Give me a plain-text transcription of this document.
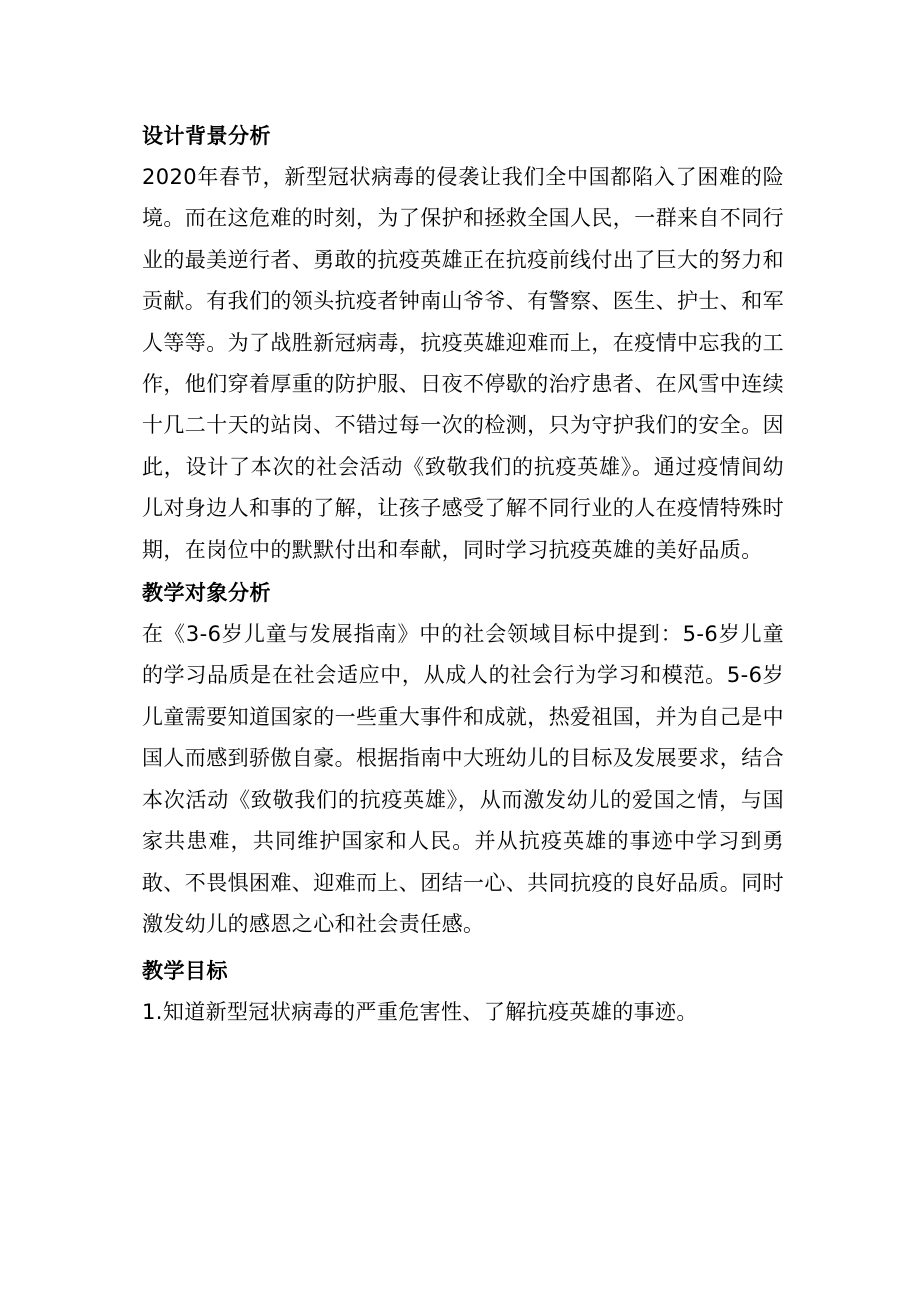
设计背景分析

2020年春节，新型冠状病毒的侵袭让我们全中国都陷入了困难的险境。而在这危难的时刻，为了保护和拯救全国人民，一群来自不同行业的最美逆行者、勇敢的抗疫英雄正在抗疫前线付出了巨大的努力和贡献。有我们的领头抗疫者钟南山爷爷、有警察、医生、护士、和军人等等。为了战胜新冠病毒，抗疫英雄迎难而上，在疫情中忘我的工作，他们穿着厚重的防护服、日夜不停歇的治疗患者、在风雪中连续十几二十天的站岗、不错过每一次的检测，只为守护我们的安全。因此，设计了本次的社会活动《致敬我们的抗疫英雄》。通过疫情间幼儿对身边人和事的了解，让孩子感受了解不同行业的人在疫情特殊时期，在岗位中的默默付出和奉献，同时学习抗疫英雄的美好品质。

教学对象分析

在《3-6岁儿童与发展指南》中的社会领域目标中提到：5-6岁儿童的学习品质是在社会适应中，从成人的社会行为学习和模范。5-6岁儿童需要知道国家的一些重大事件和成就，热爱祖国，并为自己是中国人而感到骄傲自豪。根据指南中大班幼儿的目标及发展要求，结合本次活动《致敬我们的抗疫英雄》，从而激发幼儿的爱国之情，与国家共患难，共同维护国家和人民。并从抗疫英雄的事迹中学习到勇敢、不畏惧困难、迎难而上、团结一心、共同抗疫的良好品质。同时激发幼儿的感恩之心和社会责任感。

教学目标

1.知道新型冠状病毒的严重危害性、了解抗疫英雄的事迹。
